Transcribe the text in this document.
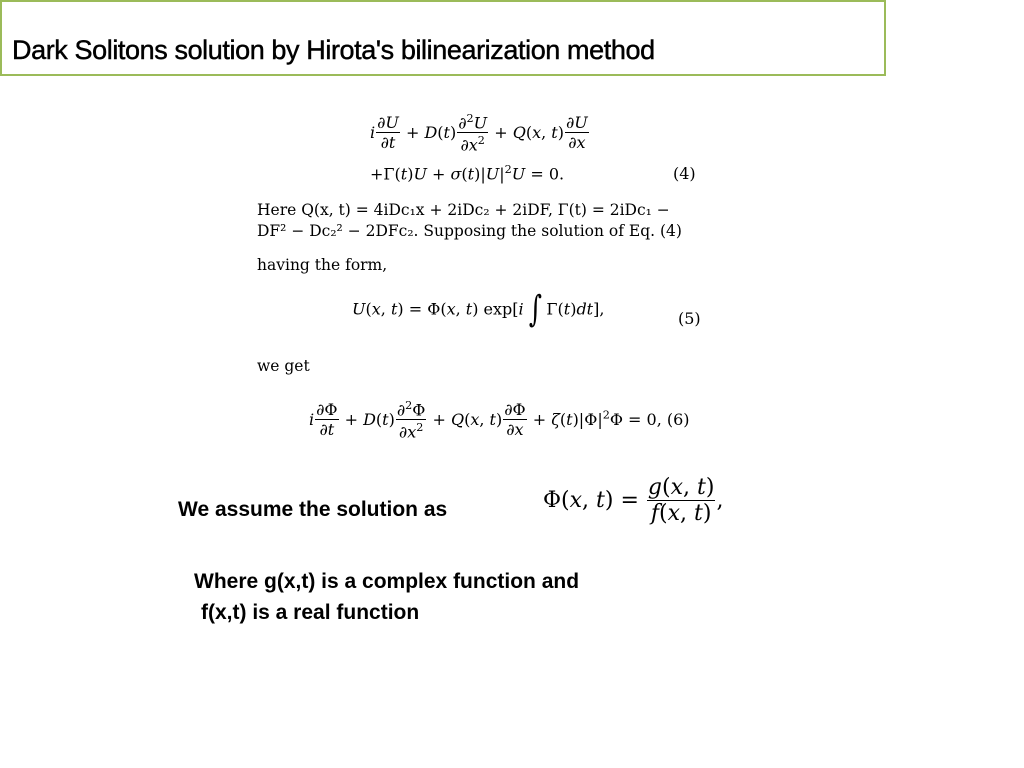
Dark Solitons solution by Hirota's bilinearization method
i $\frac{\partial U}{\partial t} + D(t) \frac{\partial^2U}{\partial x^2} + Q(x$, $t) \frac{\partial U}{\partial x}$
$+\Gamma(t)U + \sigma(t)|U|^2U = 0$.	(4)
Here Q(x, t) = 4iDc₁x + 2iDc₂ + 2iDF, Γ(t) = 2iDc₁ −
DF² − Dc₂² − 2DFc₂. Supposing the solution of Eq. (4)
having the form,
U(x, t) = Φ(x, t) exp[i ∫ Γ(t)dt],	(5)
we get
i $\frac{\partial\Phi}{\partial t} + D(t) \frac{\partial^2\Phi}{\partial x^2} + Q(x$, $t) \frac{\partial\Phi}{\partial x} + \zeta(t)|\Phi|^2\Phi = 0$, (6)
We assume the solution as	Φ(x, $t) = \frac{g(x, t)}{f(x, t)}$ ,
Where g(x,t) is a complex function and
f(x,t) is a real function
